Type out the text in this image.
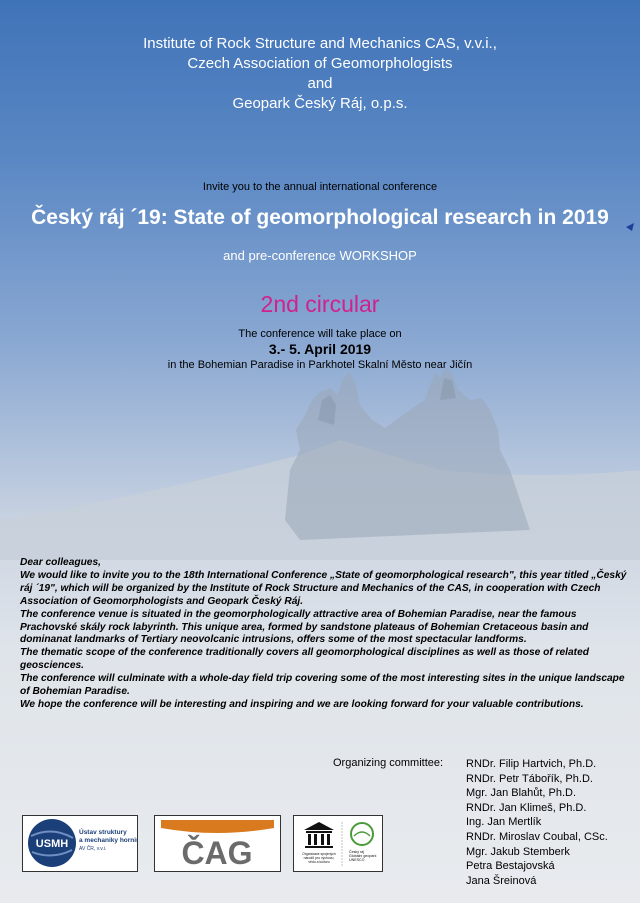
Institute of Rock Structure and Mechanics CAS, v.v.i.,
Czech Association of Geomorphologists
and
Geopark Český Ráj, o.p.s.
Invite you to the annual international conference
Český ráj ´19: State of geomorphological research in 2019
and pre-conference WORKSHOP
2nd circular
The conference will take place on
3.- 5. April 2019
in the Bohemian Paradise in Parkhotel Skalní Město near Jičín

Dear colleagues,

We would like to invite you to the 18th International Conference „State of geomorphological research", this year titled „Český ráj ´19", which will be organized by the Institute of Rock Structure and Mechanics of the CAS, in cooperation with Czech Association of Geomorphologists and Geopark Český Ráj.

The conference venue is situated in the geomorphologically attractive area of Bohemian Paradise, near the famous Prachovské skály rock labyrinth. This unique area, formed by sandstone plateaus of Bohemian Cretaceous basin and dominanat landmarks of Tertiary neovolcanic intrusions, offers some of the most spectacular landforms.

The thematic scope of the conference traditionally covers all geomorphological disciplines as well as those of related geosciences.

The conference will culminate with a whole-day field trip covering some of the most interesting sites in the unique landscape of Bohemian Paradise.

We hope the conference will be interesting and inspiring and we are looking forward for your valuable contributions.

Organizing committee: RNDr. Filip Hartvich, Ph.D.
RNDr. Petr Tábořík, Ph.D.
Mgr. Jan Blahůt, Ph.D.
RNDr. Jan Klimeš, Ph.D.
Ing. Jan Mertlík
RNDr. Miroslav Coubal, CSc.
Mgr. Jakub Stemberk
Petra Bestajovská
Jana Šreinová
USMH
Ústav struktury
a mechaniky hornin
AV ČR, v.v.i. ČAG	Organizace spojených
národů pro výchovu,
vědu a kulturu
Český ráj
Globální geopark
UNESCO
